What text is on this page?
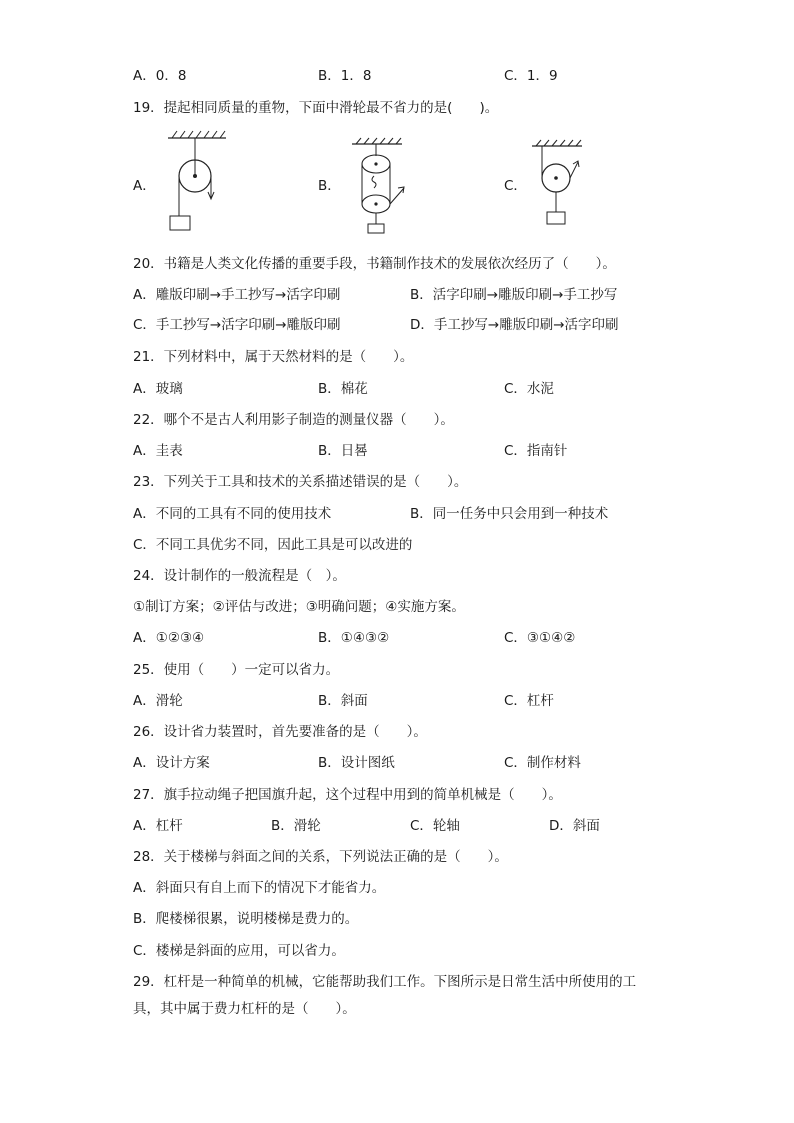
A．0．8	B．1．8	C．1．9
19．提起相同质量的重物，下面中滑轮最不省力的是(　　)。
A．	B．	C．
20．书籍是人类文化传播的重要手段，书籍制作技术的发展依次经历了（　　）。
A．雕版印刷→手工抄写→活字印刷	B．活字印刷→雕版印刷→手工抄写
C．手工抄写→活字印刷→雕版印刷	D．手工抄写→雕版印刷→活字印刷
21．下列材料中，属于天然材料的是（　　）。
A．玻璃	B．棉花	C．水泥
22．哪个不是古人利用影子制造的测量仪器（　　）。
A．圭表	B．日晷	C．指南针
23．下列关于工具和技术的关系描述错误的是（　　）。
A．不同的工具有不同的使用技术	B．同一任务中只会用到一种技术
C．不同工具优劣不同，因此工具是可以改进的
24．设计制作的一般流程是（　）。
①制订方案；②评估与改进；③明确问题；④实施方案。
A．①②③④	B．①④③②	C．③①④②
25．使用（　　）一定可以省力。
A．滑轮	B．斜面	C．杠杆
26．设计省力装置时，首先要准备的是（　　）。
A．设计方案	B．设计图纸	C．制作材料
27．旗手拉动绳子把国旗升起，这个过程中用到的简单机械是（　　）。
A．杠杆	B．滑轮	C．轮轴	D．斜面
28．关于楼梯与斜面之间的关系，下列说法正确的是（　　）。
A．斜面只有自上而下的情况下才能省力。
B．爬楼梯很累，说明楼梯是费力的。
C．楼梯是斜面的应用，可以省力。
29．杠杆是一种简单的机械，它能帮助我们工作。下图所示是日常生活中所使用的工具，其中属于费力杠杆的是（　　）。
